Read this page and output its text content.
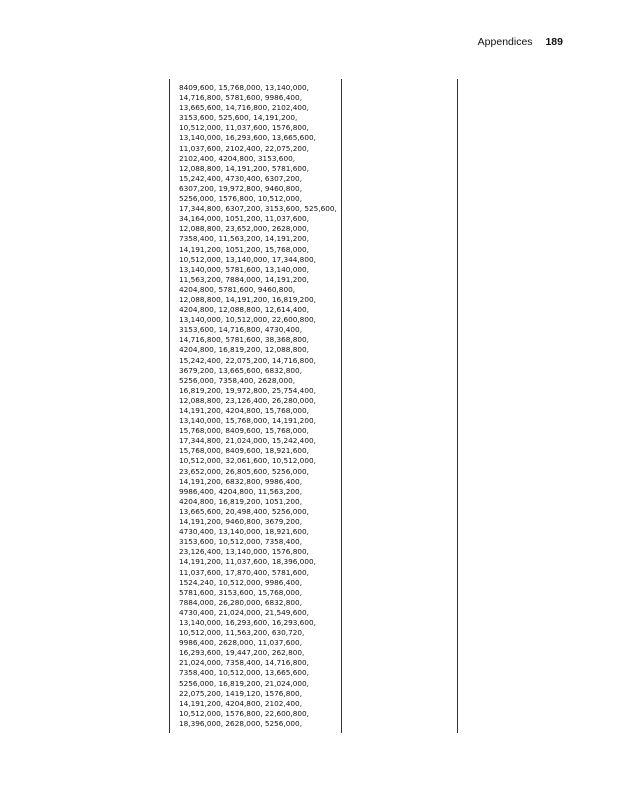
Appendices 189
8409,600, 15,768,000, 13,140,000,
14,716,800, 5781,600, 9986,400,
13,665,600, 14,716,800, 2102,400,
3153,600, 525,600, 14,191,200,
10,512,000, 11,037,600, 1576,800,
13,140,000, 16,293,600, 13,665,600,
11,037,600, 2102,400, 22,075,200,
2102,400, 4204,800, 3153,600,
12,088,800, 14,191,200, 5781,600,
15,242,400, 4730,400, 6307,200,
6307,200, 19,972,800, 9460,800,
5256,000, 1576,800, 10,512,000,
17,344,800, 6307,200, 3153,600, 525,600,
34,164,000, 1051,200, 11,037,600,
12,088,800, 23,652,000, 2628,000,
7358,400, 11,563,200, 14,191,200,
14,191,200, 1051,200, 15,768,000,
10,512,000, 13,140,000, 17,344,800,
13,140,000, 5781,600, 13,140,000,
11,563,200, 7884,000, 14,191,200,
4204,800, 5781,600, 9460,800,
12,088,800, 14,191,200, 16,819,200,
4204,800, 12,088,800, 12,614,400,
13,140,000, 10,512,000, 22,600,800,
3153,600, 14,716,800, 4730,400,
14,716,800, 5781,600, 38,368,800,
4204,800, 16,819,200, 12,088,800,
15,242,400, 22,075,200, 14,716,800,
3679,200, 13,665,600, 6832,800,
5256,000, 7358,400, 2628,000,
16,819,200, 19,972,800, 25,754,400,
12,088,800, 23,126,400, 26,280,000,
14,191,200, 4204,800, 15,768,000,
13,140,000, 15,768,000, 14,191,200,
15,768,000, 8409,600, 15,768,000,
17,344,800, 21,024,000, 15,242,400,
15,768,000, 8409,600, 18,921,600,
10,512,000, 32,061,600, 10,512,000,
23,652,000, 26,805,600, 5256,000,
14,191,200, 6832,800, 9986,400,
9986,400, 4204,800, 11,563,200,
4204,800, 16,819,200, 1051,200,
13,665,600, 20,498,400, 5256,000,
14,191,200, 9460,800, 3679,200,
4730,400, 13,140,000, 18,921,600,
3153,600, 10,512,000, 7358,400,
23,126,400, 13,140,000, 1576,800,
14,191,200, 11,037,600, 18,396,000,
11,037,600, 17,870,400, 5781,600,
1524,240, 10,512,000, 9986,400,
5781,600, 3153,600, 15,768,000,
7884,000, 26,280,000, 6832,800,
4730,400, 21,024,000, 21,549,600,
13,140,000, 16,293,600, 16,293,600,
10,512,000, 11,563,200, 630,720,
9986,400, 2628,000, 11,037,600,
16,293,600, 19,447,200, 262,800,
21,024,000, 7358,400, 14,716,800,
7358,400, 10,512,000, 13,665,600,
5256,000, 16,819,200, 21,024,000,
22,075,200, 1419,120, 1576,800,
14,191,200, 4204,800, 2102,400,
10,512,000, 1576,800, 22,600,800,
18,396,000, 2628,000, 5256,000,
